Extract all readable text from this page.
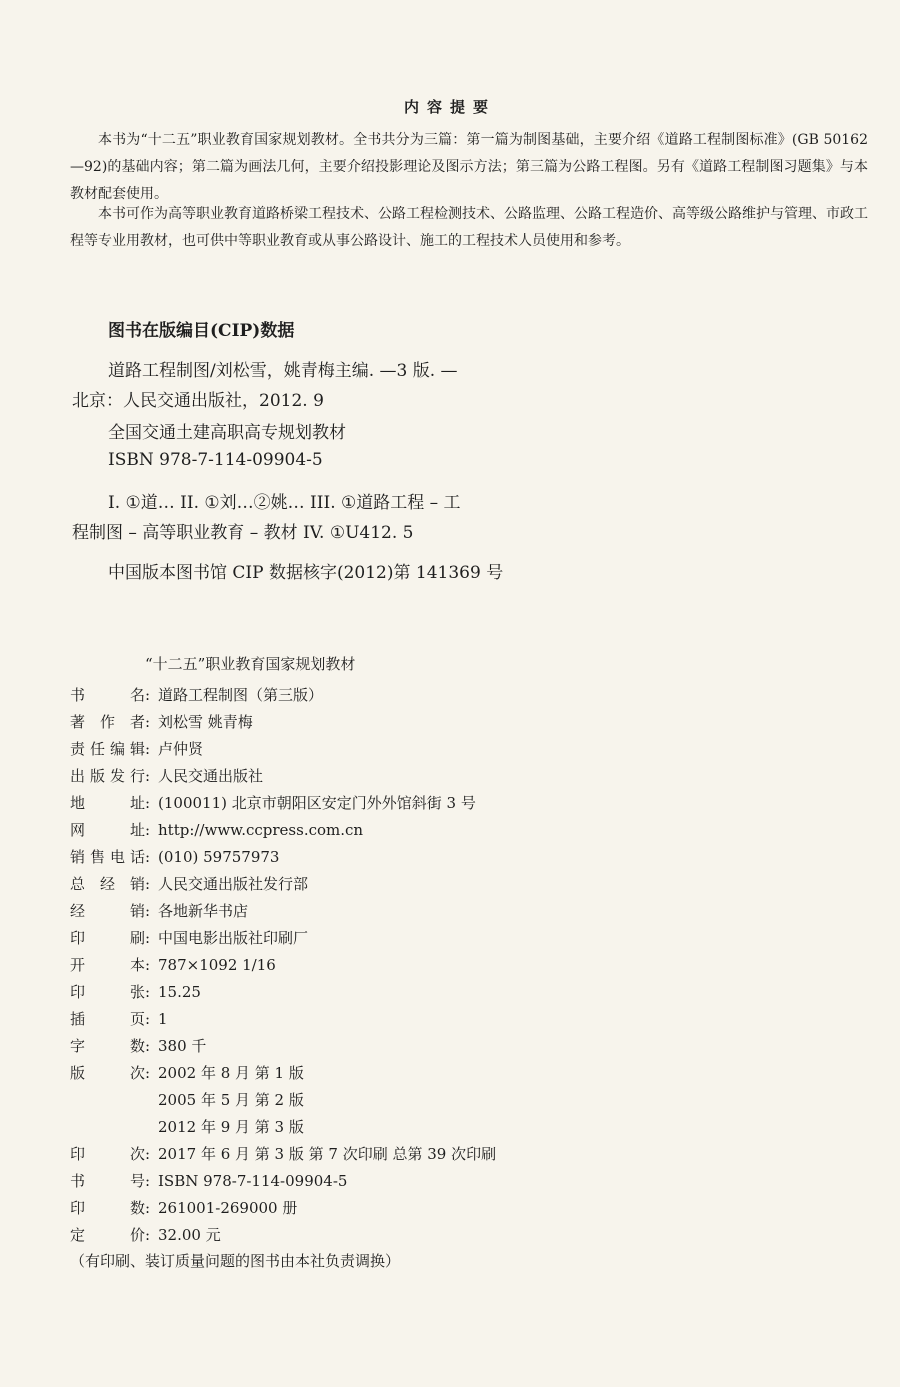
内容提要
本书为“十二五”职业教育国家规划教材。全书共分为三篇：第一篇为制图基础，主要介绍《道路工程制图标准》(GB 50162—92)的基础内容；第二篇为画法几何，主要介绍投影理论及图示方法；第三篇为公路工程图。另有《道路工程制图习题集》与本教材配套使用。
本书可作为高等职业教育道路桥梁工程技术、公路工程检测技术、公路监理、公路工程造价、高等级公路维护与管理、市政工程等专业用教材，也可供中等职业教育或从事公路设计、施工的工程技术人员使用和参考。
图书在版编目(CIP)数据
道路工程制图/刘松雪，姚青梅主编. —3 版. —
北京：人民交通出版社，2012. 9
全国交通土建高职高专规划教材
ISBN 978-7-114-09904-5
I. ①道… II. ①刘…②姚… III. ①道路工程 – 工
程制图 – 高等职业教育 – 教材 IV. ①U412. 5
中国版本图书馆 CIP 数据核字(2012)第 141369 号
“十二五”职业教育国家规划教材
书名 : 道路工程制图（第三版）
著作者 : 刘松雪 姚青梅
责任编辑 : 卢仲贤
出版发行 : 人民交通出版社
地址 : (100011) 北京市朝阳区安定门外外馆斜街 3 号
网址 : http://www.ccpress.com.cn
销售电话 : (010) 59757973
总经销 : 人民交通出版社发行部
经销 : 各地新华书店
印刷 : 中国电影出版社印刷厂
开本 : 787×1092 1/16
印张 : 15.25
插页 : 1
字数 : 380 千
版次 : 2002 年 8 月 第 1 版
2005 年 5 月 第 2 版
2012 年 9 月 第 3 版
印次 : 2017 年 6 月 第 3 版 第 7 次印刷 总第 39 次印刷
书号 : ISBN 978-7-114-09904-5
印数 : 261001-269000 册
定价 : 32.00 元
（有印刷、装订质量问题的图书由本社负责调换）
